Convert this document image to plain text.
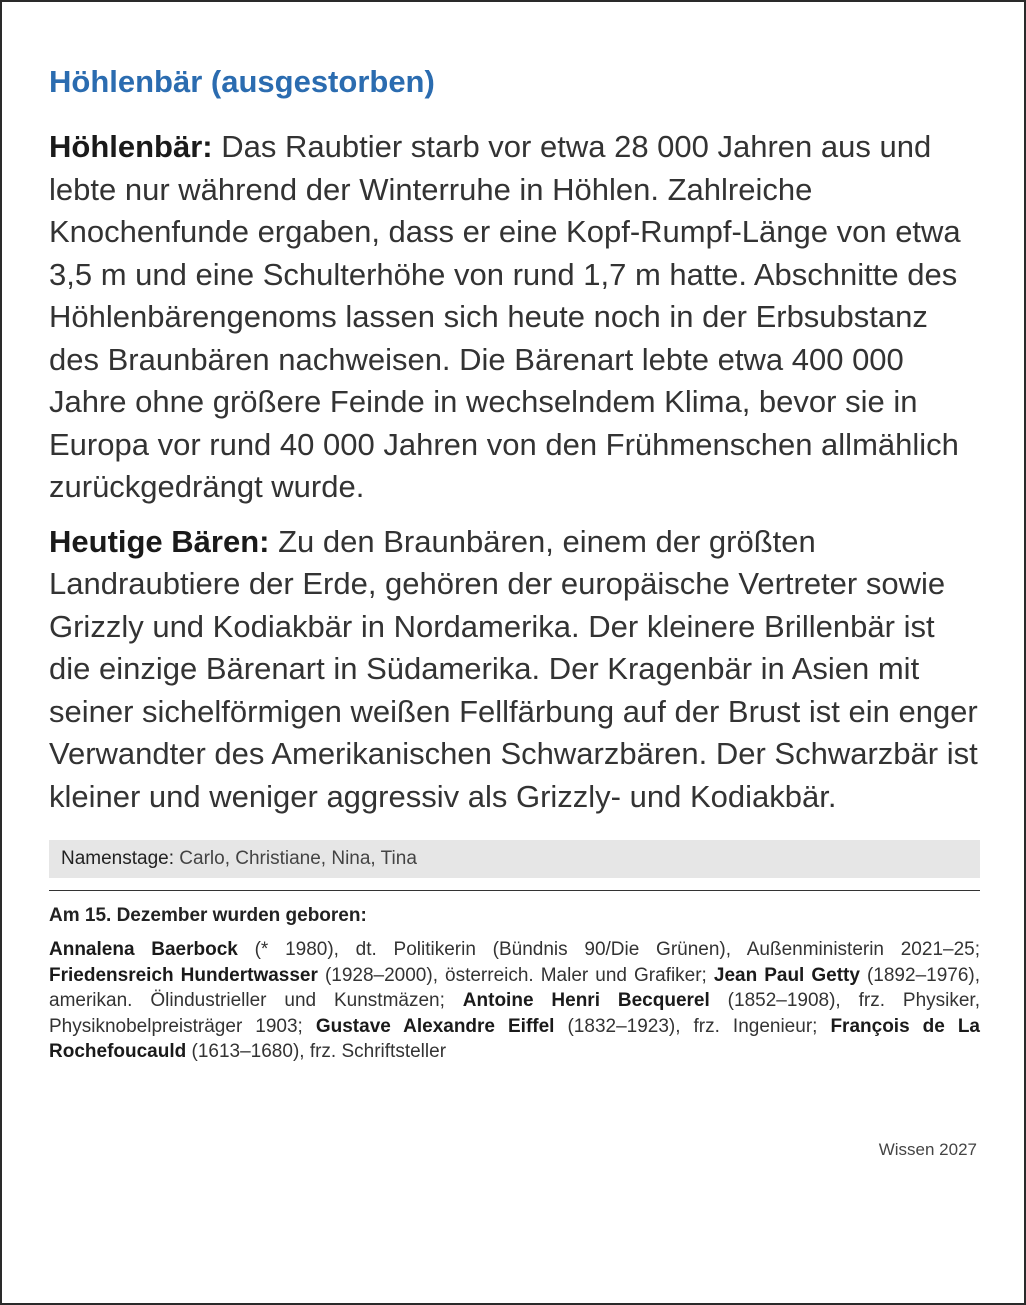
Höhlenbär (ausgestorben)

Höhlenbär: Das Raubtier starb vor etwa 28 000 Jahren aus und lebte nur während der Winterruhe in Höhlen. Zahlreiche Knochenfunde ergaben, dass er eine Kopf-Rumpf-Länge von etwa 3,5 m und eine Schulterhöhe von rund 1,7 m hatte. Abschnitte des Höhlenbärengenoms lassen sich heute noch in der Erbsubstanz des Braunbären nachweisen. Die Bärenart lebte etwa 400 000 Jahre ohne größere Feinde in wechselndem Klima, bevor sie in Europa vor rund 40 000 Jahren von den Frühmenschen allmählich zurückgedrängt wurde.

Heutige Bären: Zu den Braunbären, einem der größten Landraubtiere der Erde, gehören der europäische Vertreter sowie Grizzly und Kodiakbär in Nordamerika. Der kleinere Brillenbär ist die einzige Bärenart in Südamerika. Der Kragenbär in Asien mit seiner sichelförmigen weißen Fellfärbung auf der Brust ist ein enger Verwandter des Amerikanischen Schwarzbären. Der Schwarzbär ist kleiner und weniger aggressiv als Grizzly- und Kodiakbär.

Namenstage: Carlo, Christiane, Nina, Tina
Am 15. Dezember wurden geboren:

Annalena Baerbock (* 1980), dt. Politikerin (Bündnis 90/Die Grünen), Außenministerin 2021–25; Friedensreich Hundertwasser (1928–2000), österreich. Maler und Grafiker; Jean Paul Getty (1892–1976), amerikan. Ölindustrieller und Kunstmäzen; Antoine Henri Becquerel (1852–1908), frz. Physiker, Physiknobelpreisträger 1903; Gustave Alexandre Eiffel (1832–1923), frz. Ingenieur; François de La Rochefoucauld (1613–1680), frz. Schriftsteller

Wissen 2027
